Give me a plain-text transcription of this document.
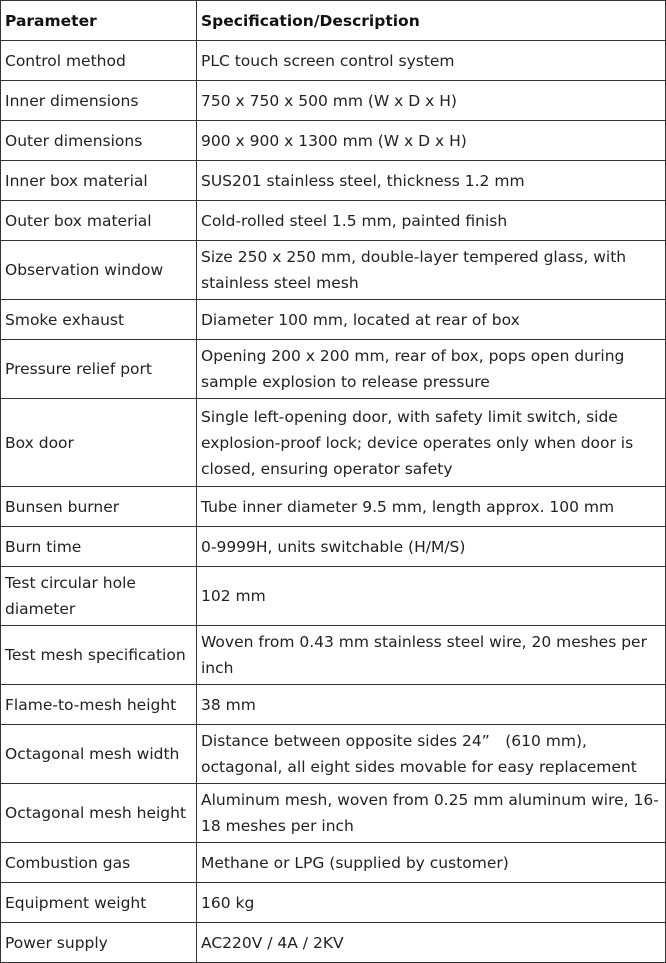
Parameter	Specification/Description
Control method	PLC touch screen control system
Inner dimensions	750 x 750 x 500 mm (W x D x H)
Outer dimensions	900 x 900 x 1300 mm (W x D x H)
Inner box material	SUS201 stainless steel, thickness 1.2 mm
Outer box material	Cold-rolled steel 1.5 mm, painted finish
Observation window	Size 250 x 250 mm, double-layer tempered glass, with stainless steel mesh
Smoke exhaust	Diameter 100 mm, located at rear of box
Pressure relief port	Opening 200 x 200 mm, rear of box, pops open during sample explosion to release pressure
Box door	Single left-opening door, with safety limit switch, side explosion-proof lock; device operates only when door is closed, ensuring operator safety
Bunsen burner	Tube inner diameter 9.5 mm, length approx. 100 mm
Burn time	0-9999H, units switchable (H/M/S)
Test circular hole diameter	102 mm
Test mesh specification	Woven from 0.43 mm stainless steel wire, 20 meshes per inch
Flame-to-mesh height	38 mm
Octagonal mesh width	Distance between opposite sides 24”　(610 mm), octagonal, all eight sides movable for easy replacement
Octagonal mesh height	Aluminum mesh, woven from 0.25 mm aluminum wire, 16-18 meshes per inch
Combustion gas	Methane or LPG (supplied by customer)
Equipment weight	160 kg
Power supply	AC220V / 4A / 2KV
